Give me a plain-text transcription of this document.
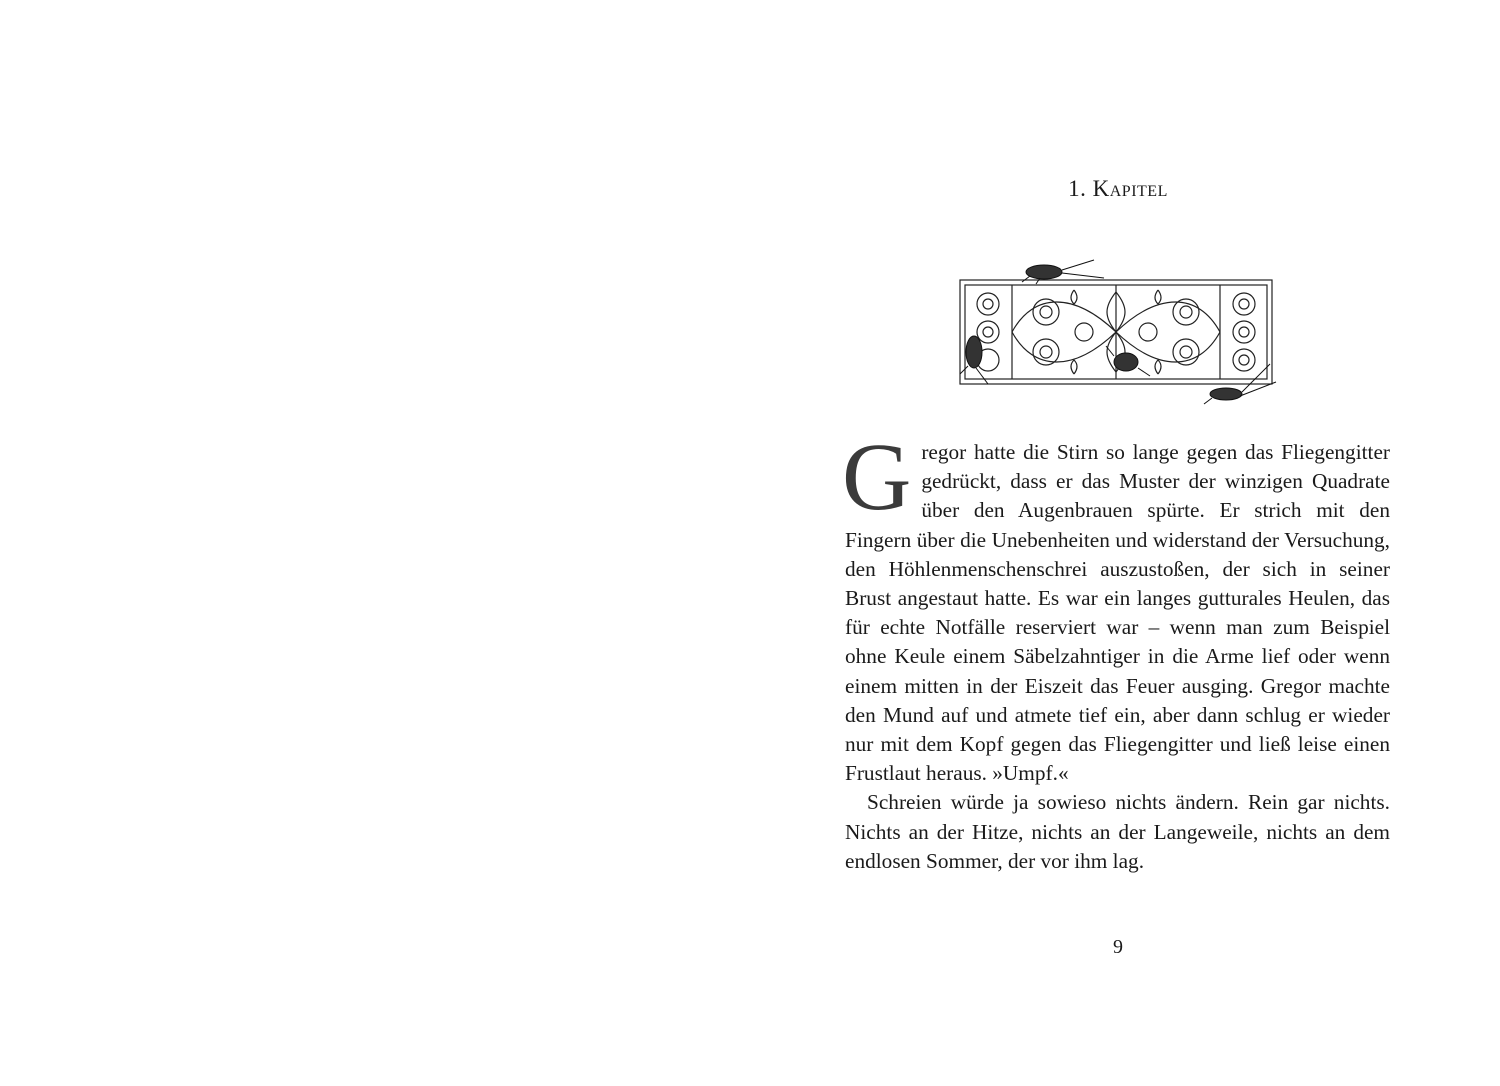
1. Kapitel

Gregor hatte die Stirn so lange gegen das Fliegengitter gedrückt, dass er das Muster der winzigen Quadrate über den Augenbrauen spürte. Er strich mit den Fingern über die Unebenheiten und widerstand der Versuchung, den Höhlenmenschenschrei auszustoßen, der sich in seiner Brust angestaut hatte. Es war ein langes gutturales Heulen, das für echte Notfälle reserviert war – wenn man zum Beispiel ohne Keule einem Säbelzahntiger in die Arme lief oder wenn einem mitten in der Eiszeit das Feuer ausging. Gregor machte den Mund auf und atmete tief ein, aber dann schlug er wieder nur mit dem Kopf gegen das Fliegengitter und ließ leise einen Frustlaut heraus. »Umpf.«

Schreien würde ja sowieso nichts ändern. Rein gar nichts. Nichts an der Hitze, nichts an der Langeweile, nichts an dem endlosen Sommer, der vor ihm lag.

9
